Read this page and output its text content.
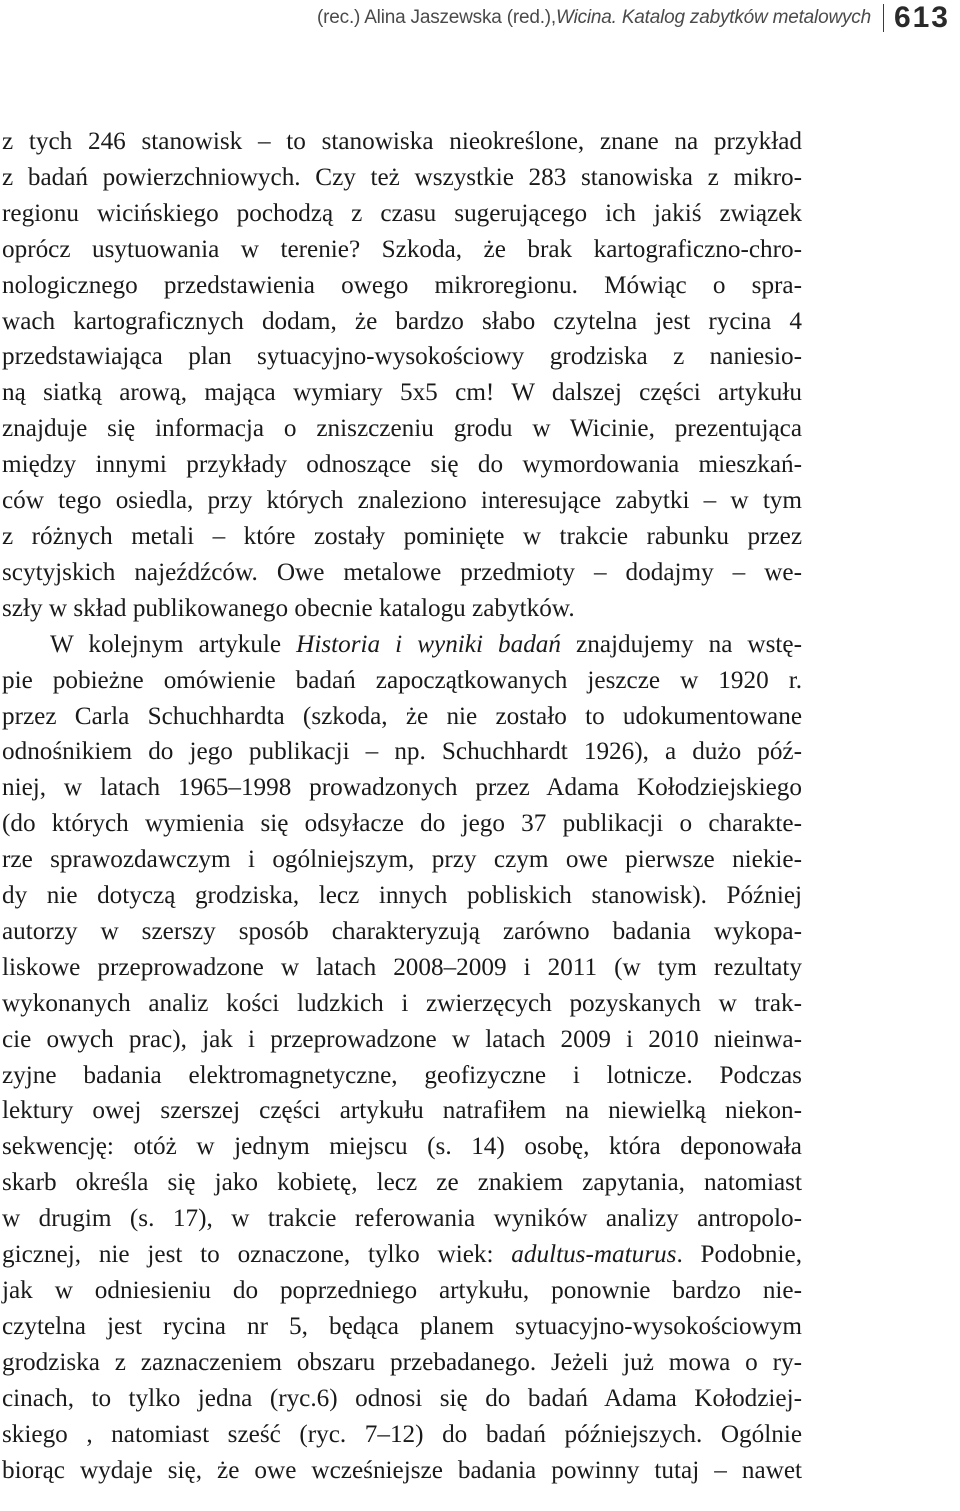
(rec.) Alina Jaszewska (red.), Wicina. Katalog zabytków metalowych 613
z tych 246 stanowisk – to stanowiska nieokreślone, znane na przykład
z badań powierzchniowych. Czy też wszystkie 283 stanowiska z mikro-
regionu wicińskiego pochodzą z czasu sugerującego ich jakiś związek
oprócz usytuowania w terenie? Szkoda, że brak kartograficzno-chro-
nologicznego przedstawienia owego mikroregionu. Mówiąc o spra-
wach kartograficznych dodam, że bardzo słabo czytelna jest rycina 4
przedstawiająca plan sytuacyjno-wysokościowy grodziska z naniesio-
ną siatką arową, mająca wymiary 5x5 cm! W dalszej części artykułu
znajduje się informacja o zniszczeniu grodu w Wicinie, prezentująca
między innymi przykłady odnoszące się do wymordowania mieszkań-
ców tego osiedla, przy których znaleziono interesujące zabytki – w tym
z różnych metali – które zostały pominięte w trakcie rabunku przez
scytyjskich najeźdźców. Owe metalowe przedmioty – dodajmy – we-
szły w skład publikowanego obecnie katalogu zabytków.
W kolejnym artykule Historia i wyniki badań znajdujemy na wstę-
pie pobieżne omówienie badań zapoczątkowanych jeszcze w 1920 r.
przez Carla Schuchhardta (szkoda, że nie zostało to udokumentowane
odnośnikiem do jego publikacji – np. Schuchhardt 1926), a dużo póź-
niej, w latach 1965–1998 prowadzonych przez Adama Kołodziejskiego
(do których wymienia się odsyłacze do jego 37 publikacji o charakte-
rze sprawozdawczym i ogólniejszym, przy czym owe pierwsze niekie-
dy nie dotyczą grodziska, lecz innych pobliskich stanowisk). Później
autorzy w szerszy sposób charakteryzują zarówno badania wykopa-
liskowe przeprowadzone w latach 2008–2009 i 2011 (w tym rezultaty
wykonanych analiz kości ludzkich i zwierzęcych pozyskanych w trak-
cie owych prac), jak i przeprowadzone w latach 2009 i 2010 nieinwa-
zyjne badania elektromagnetyczne, geofizyczne i lotnicze. Podczas
lektury owej szerszej części artykułu natrafiłem na niewielką niekon-
sekwencję: otóż w jednym miejscu (s. 14) osobę, która deponowała
skarb określa się jako kobietę, lecz ze znakiem zapytania, natomiast
w drugim (s. 17), w trakcie referowania wyników analizy antropolo-
gicznej, nie jest to oznaczone, tylko wiek: adultus-maturus. Podobnie,
jak w odniesieniu do poprzedniego artykułu, ponownie bardzo nie-
czytelna jest rycina nr 5, będąca planem sytuacyjno-wysokościowym
grodziska z zaznaczeniem obszaru przebadanego. Jeżeli już mowa o ry-
cinach, to tylko jedna (ryc.6) odnosi się do badań Adama Kołodziej-
skiego , natomiast sześć (ryc. 7–12) do badań późniejszych. Ogólnie
biorąc wydaje się, że owe wcześniejsze badania powinny tutaj – nawet
